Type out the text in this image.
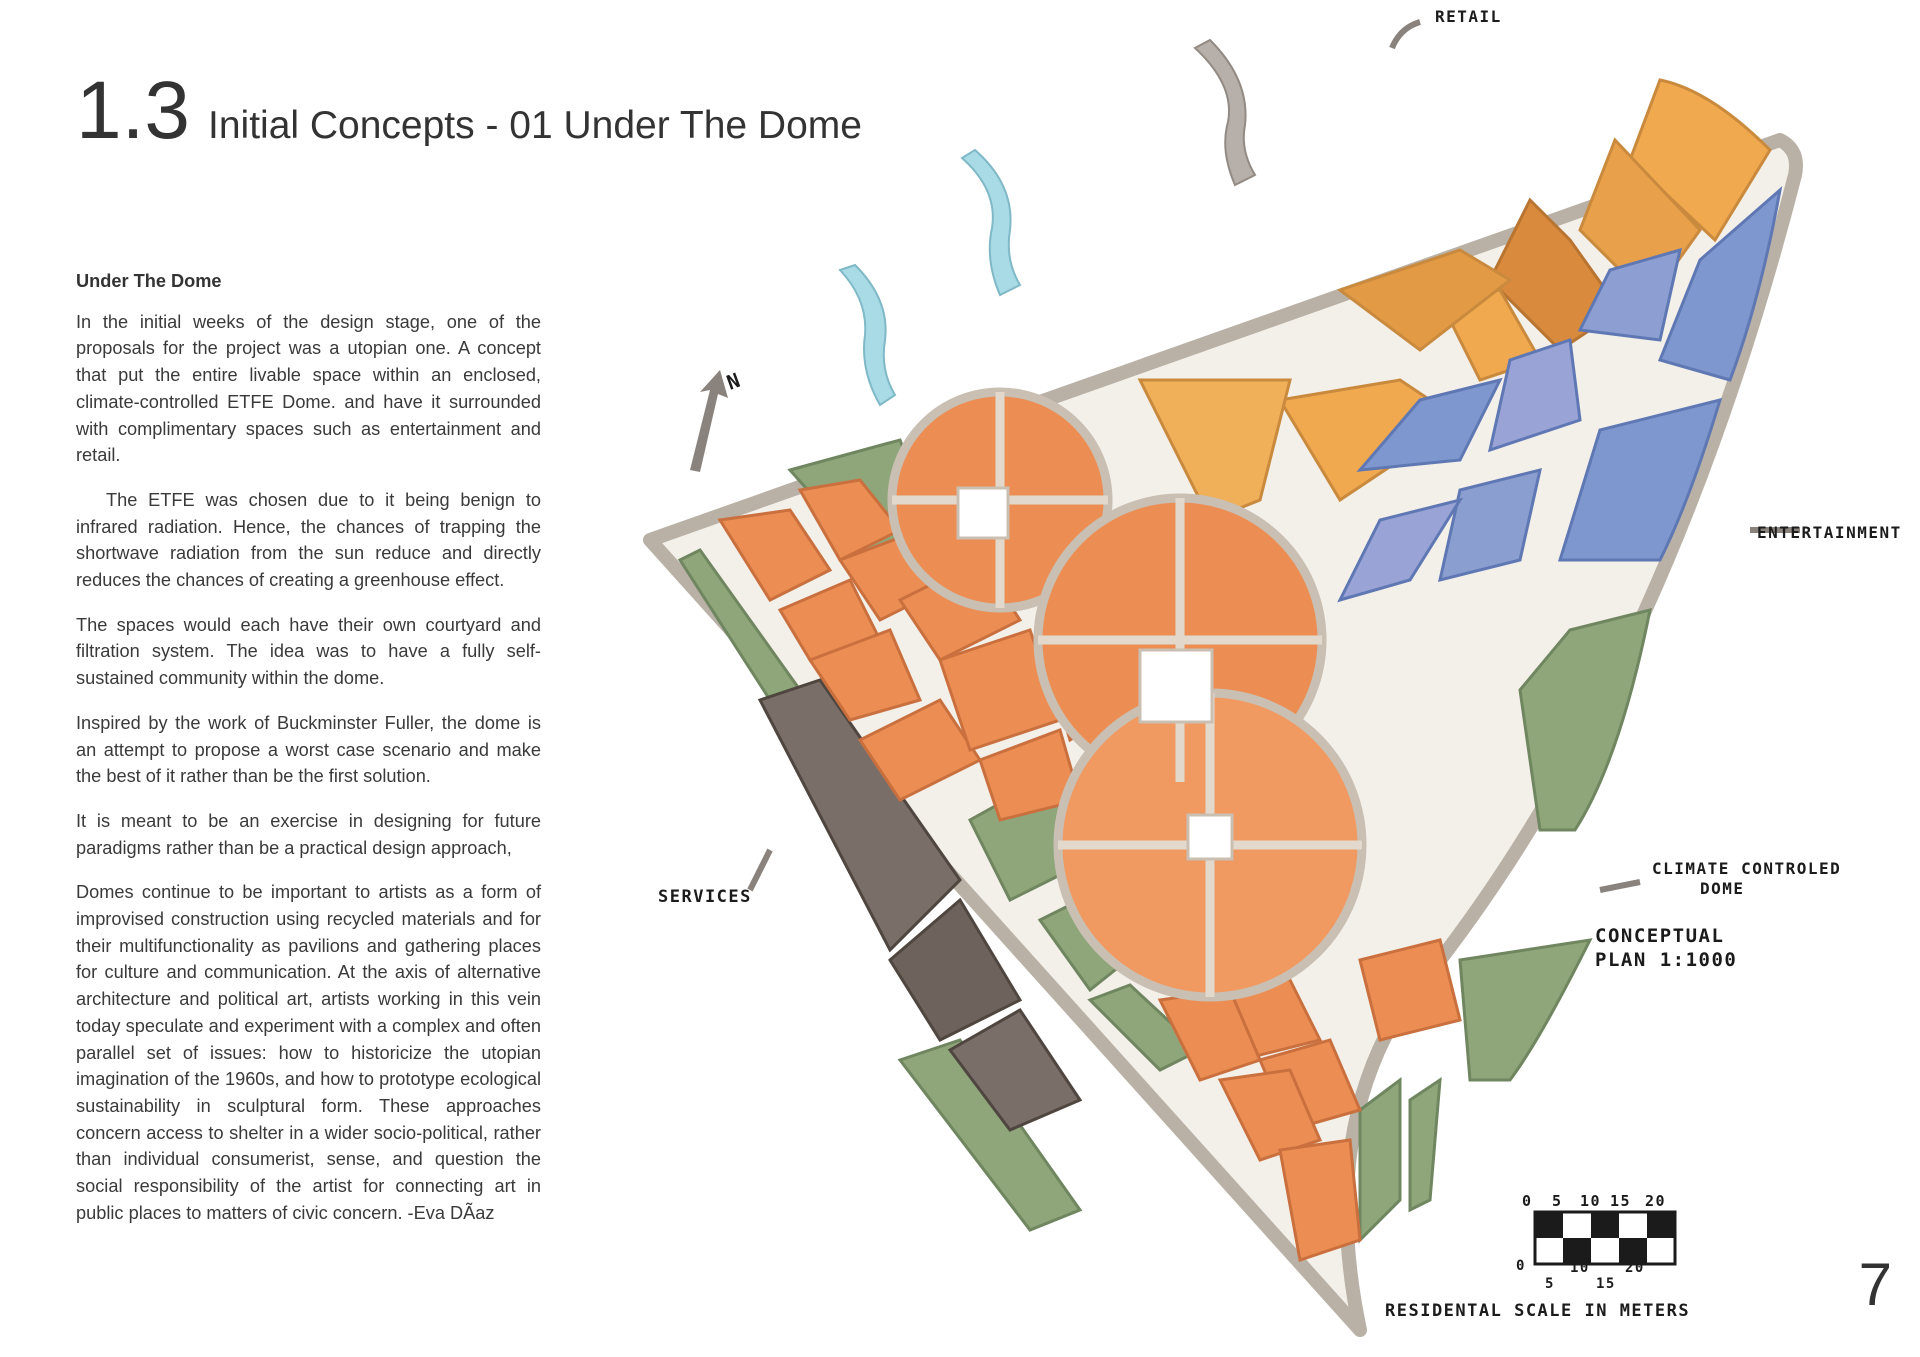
1.3 Initial Concepts - 01 Under The Dome
Under The Dome

In the initial weeks of the design stage, one of the proposals for the project was a utopian one. A concept that put the entire livable space within an enclosed, climate-controlled ETFE Dome. and have it surrounded with complimentary spaces such as entertainment and retail.

The ETFE was chosen due to it being benign to infrared radiation. Hence, the chances of trapping the shortwave radiation from the sun reduce and directly reduces the chances of creating a greenhouse effect.

The spaces would each have their own courtyard and filtration system. The idea was to have a fully self-sustained community within the dome.

Inspired by the work of Buckminster Fuller, the dome is an attempt to propose a worst case scenario and make the best of it rather than be the first solution.

It is meant to be an exercise in designing for future paradigms rather than be a practical design approach,

Domes continue to be important to artists as a form of improvised construction using recycled materials and for their multifunctionality as pavilions and gathering places for culture and communication. At the axis of alternative architecture and political art, artists working in this vein today speculate and experiment with a complex and often parallel set of issues: how to historicize the utopian imagination of the 1960s, and how to prototype ecological sustainability in sculptural form. These approaches concern access to shelter in a wider socio-political, rather than individual consumerist, sense, and question the social responsibility of the artist for connecting art in public places to matters of civic concern. -Eva DÃaz

N
RETAIL
ENTERTAINMENT
SERVICES
CLIMATE CONTROLED
DOME
CONCEPTUAL
PLAN 1:1000
0 5 10 15 20
0
5
10
15
20
RESIDENTAL SCALE IN METERS	7
